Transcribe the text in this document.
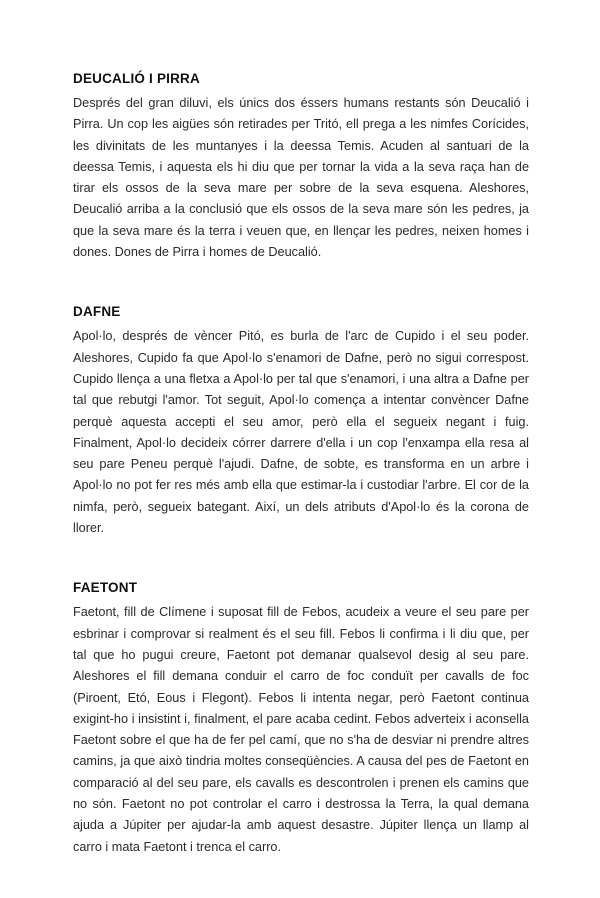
DEUCALIÓ I PIRRA

Després del gran diluvi, els únics dos éssers humans restants són Deucalió i Pirra. Un cop les aigües són retirades per Tritó, ell prega a les nimfes Corícides, les divinitats de les muntanyes i la deessa Temis. Acuden al santuari de la deessa Temis, i aquesta els hi diu que per tornar la vida a la seva raça han de tirar els ossos de la seva mare per sobre de la seva esquena. Aleshores, Deucalió arriba a la conclusió que els ossos de la seva mare són les pedres, ja que la seva mare és la terra i veuen que, en llençar les pedres, neixen homes i dones. Dones de Pirra i homes de Deucalió.

DAFNE

Apol·lo, després de vèncer Pitó, es burla de l'arc de Cupido i el seu poder. Aleshores, Cupido fa que Apol·lo s'enamori de Dafne, però no sigui correspost. Cupido llença a una fletxa a Apol·lo per tal que s'enamori, i una altra a Dafne per tal que rebutgi l'amor. Tot seguit, Apol·lo comença a intentar convèncer Dafne perquè aquesta accepti el seu amor, però ella el segueix negant i fuig. Finalment, Apol·lo decideix córrer darrere d'ella i un cop l'enxampa ella resa al seu pare Peneu perquè l'ajudi. Dafne, de sobte, es transforma en un arbre i Apol·lo no pot fer res més amb ella que estimar-la i custodiar l'arbre. El cor de la nimfa, però, segueix bategant. Així, un dels atributs d'Apol·lo és la corona de llorer.

FAETONT

Faetont, fill de Clímene i suposat fill de Febos, acudeix a veure el seu pare per esbrinar i comprovar si realment és el seu fill. Febos li confirma i li diu que, per tal que ho pugui creure, Faetont pot demanar qualsevol desig al seu pare. Aleshores el fill demana conduir el carro de foc conduït per cavalls de foc (Piroent, Etó, Eous i Flegont). Febos li intenta negar, però Faetont continua exigint-ho i insistint i, finalment, el pare acaba cedint. Febos adverteix i aconsella Faetont sobre el que ha de fer pel camí, que no s'ha de desviar ni prendre altres camins, ja que això tindria moltes conseqüències. A causa del pes de Faetont en comparació al del seu pare, els cavalls es descontrolen i prenen els camins que no són. Faetont no pot controlar el carro i destrossa la Terra, la qual demana ajuda a Júpiter per ajudar-la amb aquest desastre. Júpiter llença un llamp al carro i mata Faetont i trenca el carro.
